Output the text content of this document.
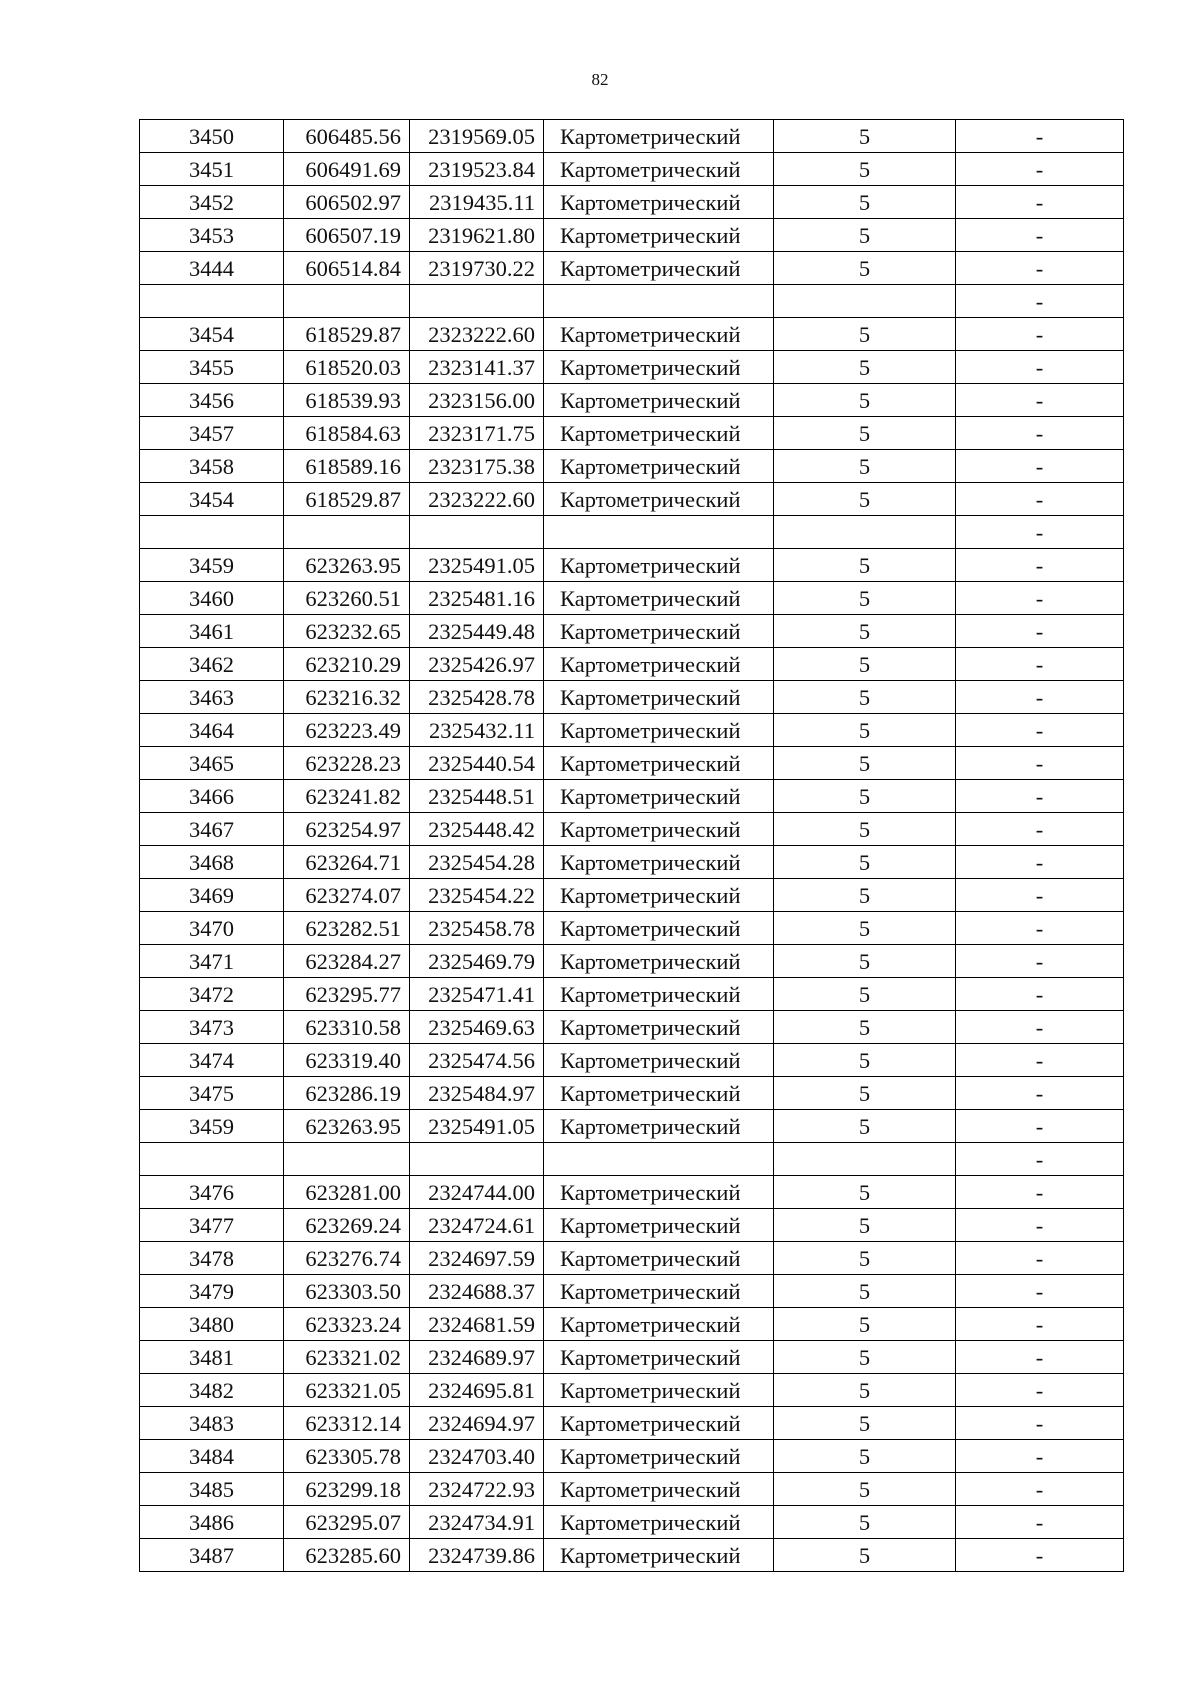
82
3450	606485.56	2319569.05	Картометрический	5	-
3451	606491.69	2319523.84	Картометрический	5	-
3452	606502.97	2319435.11	Картометрический	5	-
3453	606507.19	2319621.80	Картометрический	5	-
3444	606514.84	2319730.22	Картометрический	5	-
					-
3454	618529.87	2323222.60	Картометрический	5	-
3455	618520.03	2323141.37	Картометрический	5	-
3456	618539.93	2323156.00	Картометрический	5	-
3457	618584.63	2323171.75	Картометрический	5	-
3458	618589.16	2323175.38	Картометрический	5	-
3454	618529.87	2323222.60	Картометрический	5	-
					-
3459	623263.95	2325491.05	Картометрический	5	-
3460	623260.51	2325481.16	Картометрический	5	-
3461	623232.65	2325449.48	Картометрический	5	-
3462	623210.29	2325426.97	Картометрический	5	-
3463	623216.32	2325428.78	Картометрический	5	-
3464	623223.49	2325432.11	Картометрический	5	-
3465	623228.23	2325440.54	Картометрический	5	-
3466	623241.82	2325448.51	Картометрический	5	-
3467	623254.97	2325448.42	Картометрический	5	-
3468	623264.71	2325454.28	Картометрический	5	-
3469	623274.07	2325454.22	Картометрический	5	-
3470	623282.51	2325458.78	Картометрический	5	-
3471	623284.27	2325469.79	Картометрический	5	-
3472	623295.77	2325471.41	Картометрический	5	-
3473	623310.58	2325469.63	Картометрический	5	-
3474	623319.40	2325474.56	Картометрический	5	-
3475	623286.19	2325484.97	Картометрический	5	-
3459	623263.95	2325491.05	Картометрический	5	-
					-
3476	623281.00	2324744.00	Картометрический	5	-
3477	623269.24	2324724.61	Картометрический	5	-
3478	623276.74	2324697.59	Картометрический	5	-
3479	623303.50	2324688.37	Картометрический	5	-
3480	623323.24	2324681.59	Картометрический	5	-
3481	623321.02	2324689.97	Картометрический	5	-
3482	623321.05	2324695.81	Картометрический	5	-
3483	623312.14	2324694.97	Картометрический	5	-
3484	623305.78	2324703.40	Картометрический	5	-
3485	623299.18	2324722.93	Картометрический	5	-
3486	623295.07	2324734.91	Картометрический	5	-
3487	623285.60	2324739.86	Картометрический	5	-
